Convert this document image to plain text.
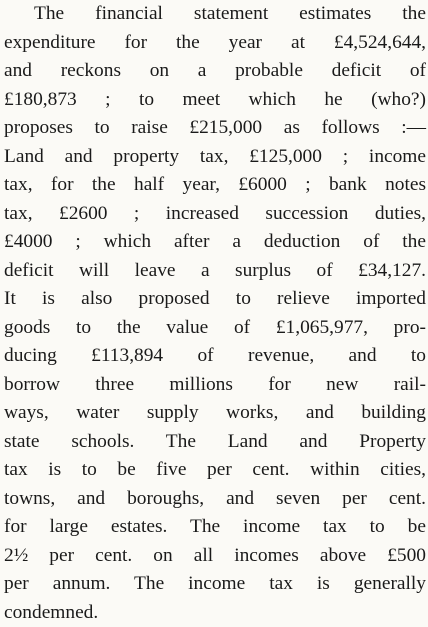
The financial statement estimates the
expenditure for the year at £4,524,644,
and reckons on a probable deficit of
£180,873 ; to meet which he (who?)
proposes to raise £215,000 as follows :—
Land and property tax, £125,000 ; income
tax, for the half year, £6000 ; bank notes
tax, £2600 ; increased succession duties,
£4000 ; which after a deduction of the
deficit will leave a surplus of £34,127.
It is also proposed to relieve imported
goods to the value of £1,065,977, pro-
ducing £113,894 of revenue, and to
borrow three millions for new rail-
ways, water supply works, and building
state schools. The Land and Property
tax is to be five per cent. within cities,
towns, and boroughs, and seven per cent.
for large estates. The income tax to be
2½ per cent. on all incomes above £500
per annum. The income tax is generally
condemned.
